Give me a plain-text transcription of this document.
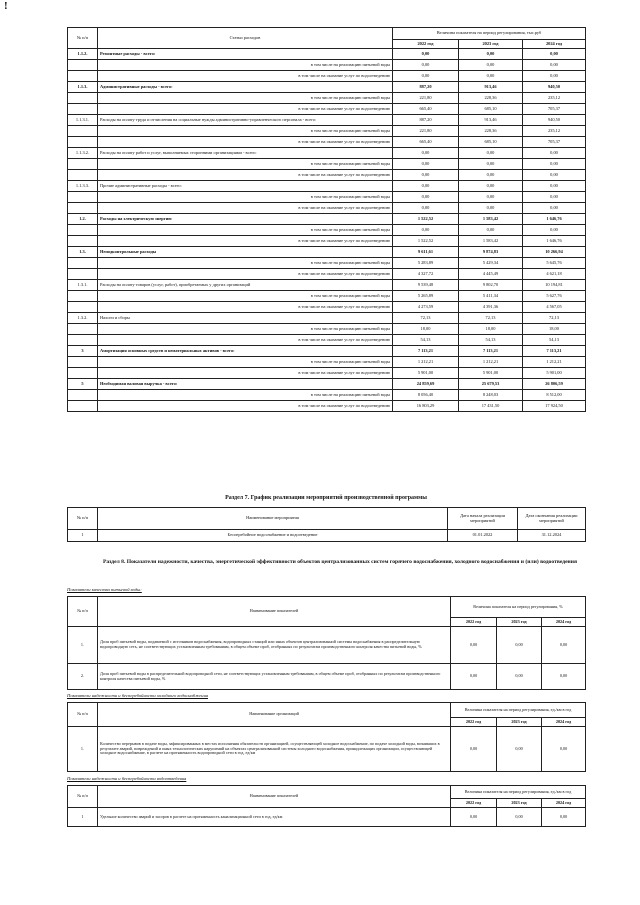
!
№ п/п	Статьи расходов	Величина показателя на период регулирования, тыс.руб		
		2022 год	2023 год	2024 год
1.1.2.	Ремонтные расходы - всего:	0,00	0,00	0,00
	в том числе на реализацию питьевой воды	0,00	0,00	0,00
	в том числе на оказание услуг по водоотведению	0,00	0,00	0,00
1.1.3.	Административные расходы - всего:	887,20	913,46	940,50
	в том числе на реализацию питьевой воды	221,80	228,36	235,12
	в том числе на оказание услуг по водоотведению	665,40	685,10	705,37
1.1.3.1.	Расходы на оплату труда и отчисления на социальные нужды административно-управленческого персонала - всего:	887,20	913,46	940,50
	в том числе на реализацию питьевой воды	221,80	228,36	235,12
	в том числе на оказание услуг по водоотведению	665,40	685,10	705,37
1.1.3.2.	Расходы на оплату работ и услуг, выполняемых сторонними организациями - всего:	0,00	0,00	0,00
	в том числе на реализацию питьевой воды	0,00	0,00	0,00
	в том числе на оказание услуг по водоотведению	0,00	0,00	0,00
1.1.3.3.	Прочие административные расходы - всего:	0,00	0,00	0,00
	в том числе на реализацию питьевой воды	0,00	0,00	0,00
	в том числе на оказание услуг по водоотведению	0,00	0,00	0,00
1.2.	Расходы на электрическую энергию	1 522,52	1 583,42	1 646,76
	в том числе на реализацию питьевой воды	0,00	0,00	0,00
	в том числе на оказание услуг по водоотведению	1 522,52	1 583,42	1 646,76
1.3.	Неподконтрольные расходы	9 611,61	9 874,83	10 266,94
	в том числе на реализацию питьевой воды	5 283,89	5 429,34	5 645,76
	в том числе на оказание услуг по водоотведению	4 327,72	4 445,49	4 621,18
1.3.1.	Расходы на оплату товаров (услуг, работ), приобретаемых у других организаций	9 539,48	9 802,70	10 194,81
	в том числе на реализацию питьевой воды	5 265,89	5 411,34	5 627,76
	в том числе на оказание услуг по водоотведению	4 273,59	4 391,36	4 567,05
1.3.2.	Налоги и сборы	72,13	72,13	72,13
	в том числе на реализацию питьевой воды	18,00	18,00	18,00
	в том числе на оказание услуг по водоотведению	54,13	54,13	54,13
3	Амортизация основных средств и нематериальных активов - всего:	7 113,21	7 113,21	7 113,21
	в том числе на реализацию питьевой воды	1 212,21	1 212,21	1 212,21
	в том числе на оказание услуг по водоотведению	5 901,00	5 901,00	5 901,00
5	Необходимая валовая выручка - всего:	24 859,69	25 679,53	26 806,59
	в том числе на реализацию питьевой воды	8 056,40	8 248,03	8 512,00
	в том числе на оказание услуг по водоотведению	16 803,29	17 431,50	17 924,50
Раздел 7. График реализации мероприятий производственной программы
№ п/п	Наименование мероприятия	Дата начала реализации мероприятий	Дата окончания реализации мероприятий
1	Бесперебойное водоснабжение и водоотведение	01.01.2022	31.12.2024
Раздел 8. Показатели надежности, качества, энергетической эффективности объектов централизованных систем горячего водоснабжения, холодного водоснабжения и (или) водоотведения
Показатели качества питьевой воды:
№ п/п	Наименование показателей	Величина показателя на период регулирования, %		
		2022 год	2023 год	2024 год
1.	Доля проб питьевой воды, подаваемой с источников водоснабжения, водопроводных станций или иных объектов централизованной системы водоснабжения в распределительную водопроводную сеть, не соответствующих установленным требованиям, в общем объеме проб, отобранных по результатам производственного контроля качества питьевой воды, %	0,00	0,00	0,00
2.	Доля проб питьевой воды в распределительной водопроводной сети, не соответствующих установленным требованиям, в общем объеме проб, отобранных по результатам производственного контроля качества питьевой воды, %	0,00	0,00	0,00
Показатели надежности и бесперебойности холодного водоснабжения
№ п/п	Наименование организаций	Величина показателя на период регулирования, ед./км в год		
		2022 год	2023 год	2024 год
1.	Количество перерывов в подаче воды, зафиксированных в местах исполнения обязательств организацией, осуществляющей холодное водоснабжение, по подаче холодной воды, возникших в результате аварий, повреждений и иных технологических нарушений на объектах централизованной системы холодного водоснабжения, принадлежащих организации, осуществляющей холодное водоснабжение, в расчете на протяженность водопроводной сети в год, ед/км	0,00	0,00	0,00
Показатели надежности и бесперебойности водоотведения
№ п/п	Наименование показателей	Величина показателя на период регулирования, ед./км в год		
		2022 год	2023 год	2024 год
1	Удельное количество аварий и засоров в расчете на протяженность канализационной сети в год, ед/км	0,00	0,00	0,00
